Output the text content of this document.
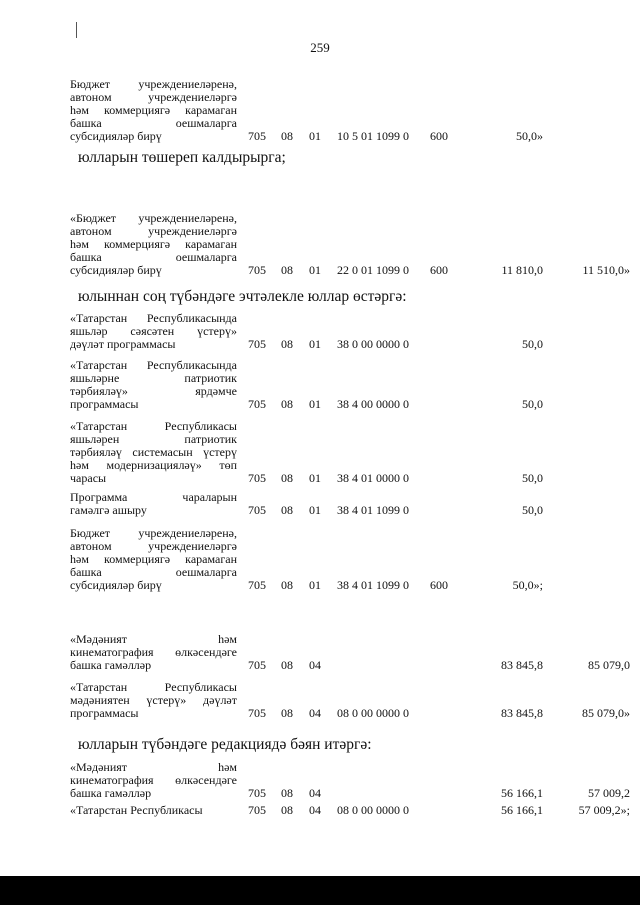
259
Бюджет учреждениеләренә,
автоном учреждениеләргә
һәм коммерциягә карамаган
башка оешмаларга
субсидияләр бирү	705 08 01 10 5 01 1099 0 600	50,0»
юлларын төшереп калдырырга;
«Бюджет учреждениеләренә,
автоном учреждениеләргә
һәм коммерциягә карамаган
башка оешмаларга
субсидияләр бирү	705 08 01 22 0 01 1099 0 600	11 810,0	11 510,0»
юлыннан соң түбәндәге эчтәлекле юллар өстәргә:
«Татарстан Республикасында
яшьләр сәясәтен үстерү»
дәүләт программасы	705 08 01 38 0 00 0000 0	50,0
«Татарстан Республикасында
яшьләрне патриотик
тәрбияләү» ярдәмче
программасы	705 08 01 38 4 00 0000 0	50,0
«Татарстан Республикасы
яшьләрен патриотик
тәрбияләү системасын үстерү
һәм модернизацияләү» төп
чарасы	705 08 01 38 4 01 0000 0	50,0
Программа чараларын
гамәлгә ашыру	705 08 01 38 4 01 1099 0	50,0
Бюджет учреждениеләренә,
автоном учреждениеләргә
һәм коммерциягә карамаган
башка оешмаларга
субсидияләр бирү	705 08 01 38 4 01 1099 0 600	50,0»;
«Мәдәният һәм
кинематография өлкәсендәге
башка гамәлләр	705 08 04	83 845,8	85 079,0
«Татарстан Республикасы
мәдәниятен үстерү» дәүләт
программасы	705 08 04 08 0 00 0000 0	83 845,8	85 079,0»
юлларын түбәндәге редакциядә бәян итәргә:
«Мәдәният һәм
кинематография өлкәсендәге
башка гамәлләр	705 08 04	56 166,1	57 009,2
«Татарстан Республикасы	705 08 04 08 0 00 0000 0	56 166,1	57 009,2»;
